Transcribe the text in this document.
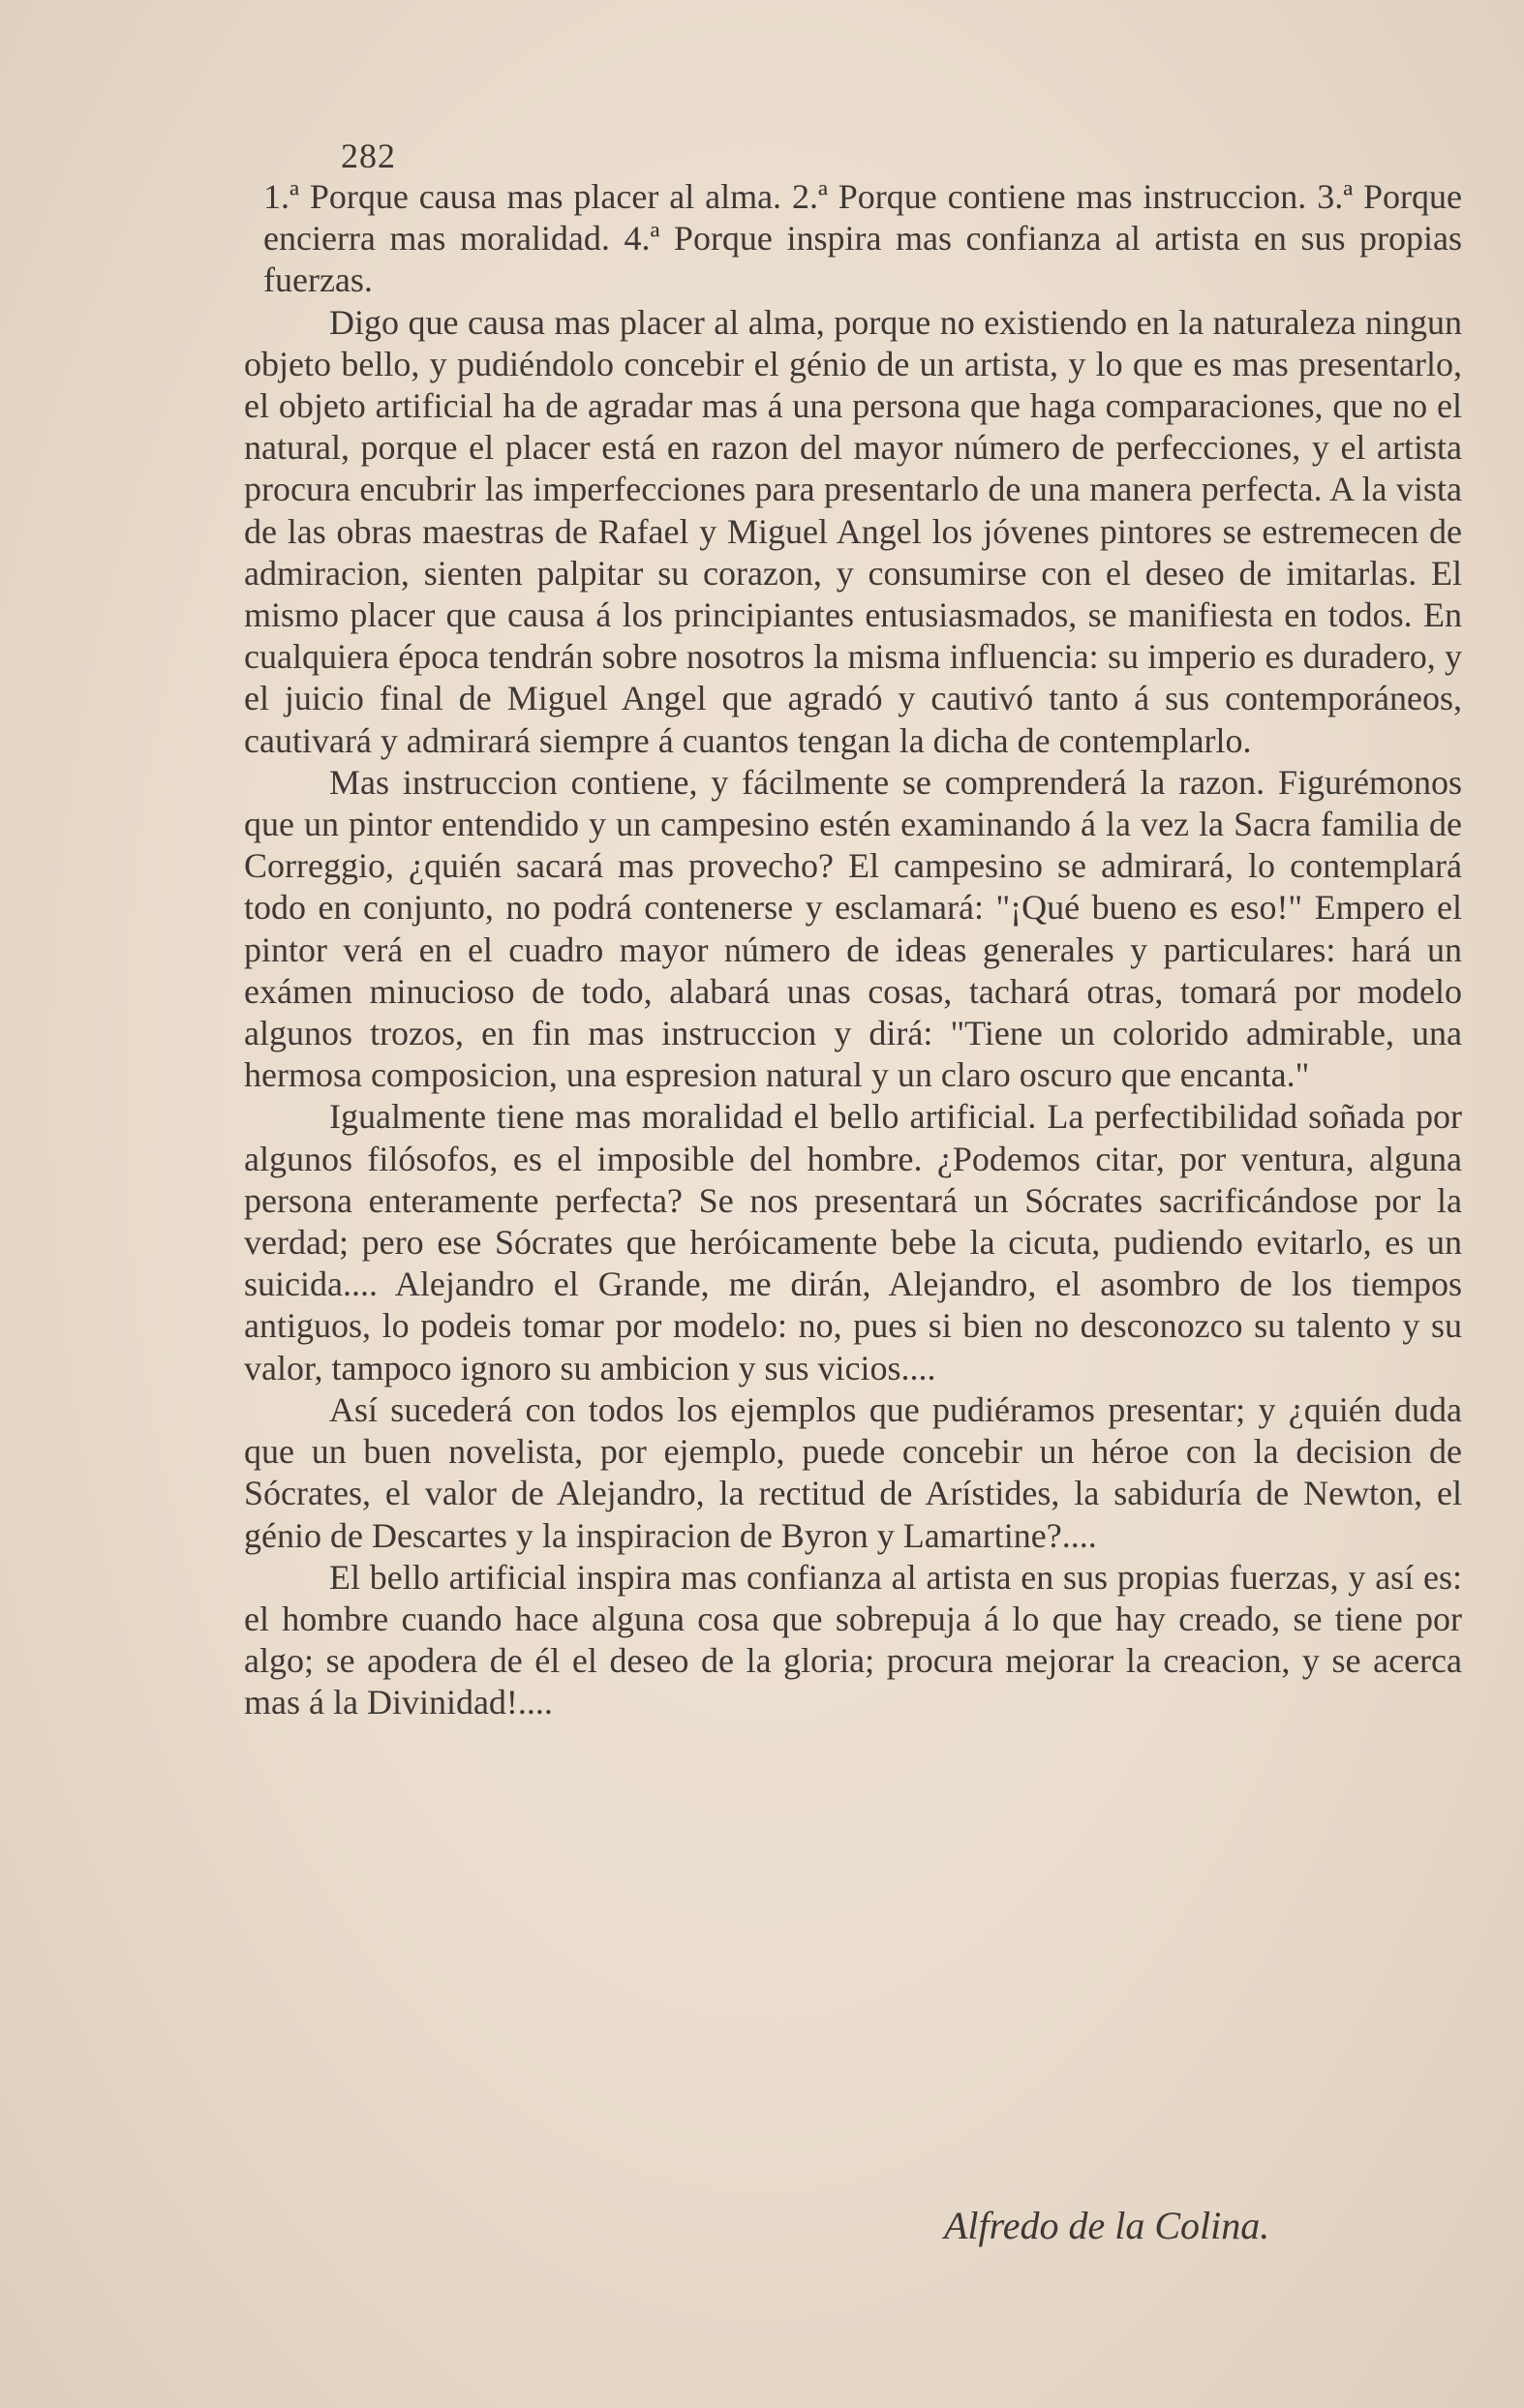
282

1.ª Porque causa mas placer al alma. 2.ª Porque contiene mas instruccion. 3.ª Porque encierra mas moralidad. 4.ª Porque inspira mas confianza al artista en sus propias fuerzas.

Digo que causa mas placer al alma, porque no existiendo en la naturaleza ningun objeto bello, y pudiéndolo concebir el génio de un artista, y lo que es mas presentarlo, el objeto artificial ha de agradar mas á una persona que haga comparaciones, que no el natural, porque el placer está en razon del mayor número de perfecciones, y el artista procura encubrir las imperfecciones para presentarlo de una manera perfecta. A la vista de las obras maestras de Rafael y Miguel Angel los jóvenes pintores se estremecen de admiracion, sienten palpitar su corazon, y consumirse con el deseo de imitarlas. El mismo placer que causa á los principiantes entusiasmados, se manifiesta en todos. En cualquiera época tendrán sobre nosotros la misma influencia: su imperio es duradero, y el juicio final de Miguel Angel que agradó y cautivó tanto á sus contemporáneos, cautivará y admirará siempre á cuantos tengan la dicha de contemplarlo.

Mas instruccion contiene, y fácilmente se comprenderá la razon. Figurémonos que un pintor entendido y un campesino estén examinando á la vez la Sacra familia de Correggio, ¿quién sacará mas provecho? El campesino se admirará, lo contemplará todo en conjunto, no podrá contenerse y esclamará: "¡Qué bueno es eso!" Empero el pintor verá en el cuadro mayor número de ideas generales y particulares: hará un exámen minucioso de todo, alabará unas cosas, tachará otras, tomará por modelo algunos trozos, en fin mas instruccion y dirá: "Tiene un colorido admirable, una hermosa composicion, una espresion natural y un claro oscuro que encanta."

Igualmente tiene mas moralidad el bello artificial. La perfectibilidad soñada por algunos filósofos, es el imposible del hombre. ¿Podemos citar, por ventura, alguna persona enteramente perfecta? Se nos presentará un Sócrates sacrificándose por la verdad; pero ese Sócrates que heróicamente bebe la cicuta, pudiendo evitarlo, es un suicida.... Alejandro el Grande, me dirán, Alejandro, el asombro de los tiempos antiguos, lo podeis tomar por modelo: no, pues si bien no desconozco su talento y su valor, tampoco ignoro su ambicion y sus vicios....

Así sucederá con todos los ejemplos que pudiéramos presentar; y ¿quién duda que un buen novelista, por ejemplo, puede concebir un héroe con la decision de Sócrates, el valor de Alejandro, la rectitud de Arístides, la sabiduría de Newton, el génio de Descartes y la inspiracion de Byron y Lamartine?....

El bello artificial inspira mas confianza al artista en sus propias fuerzas, y así es: el hombre cuando hace alguna cosa que sobrepuja á lo que hay creado, se tiene por algo; se apodera de él el deseo de la gloria; procura mejorar la creacion, y se acerca mas á la Divinidad!....

Alfredo de la Colina.
